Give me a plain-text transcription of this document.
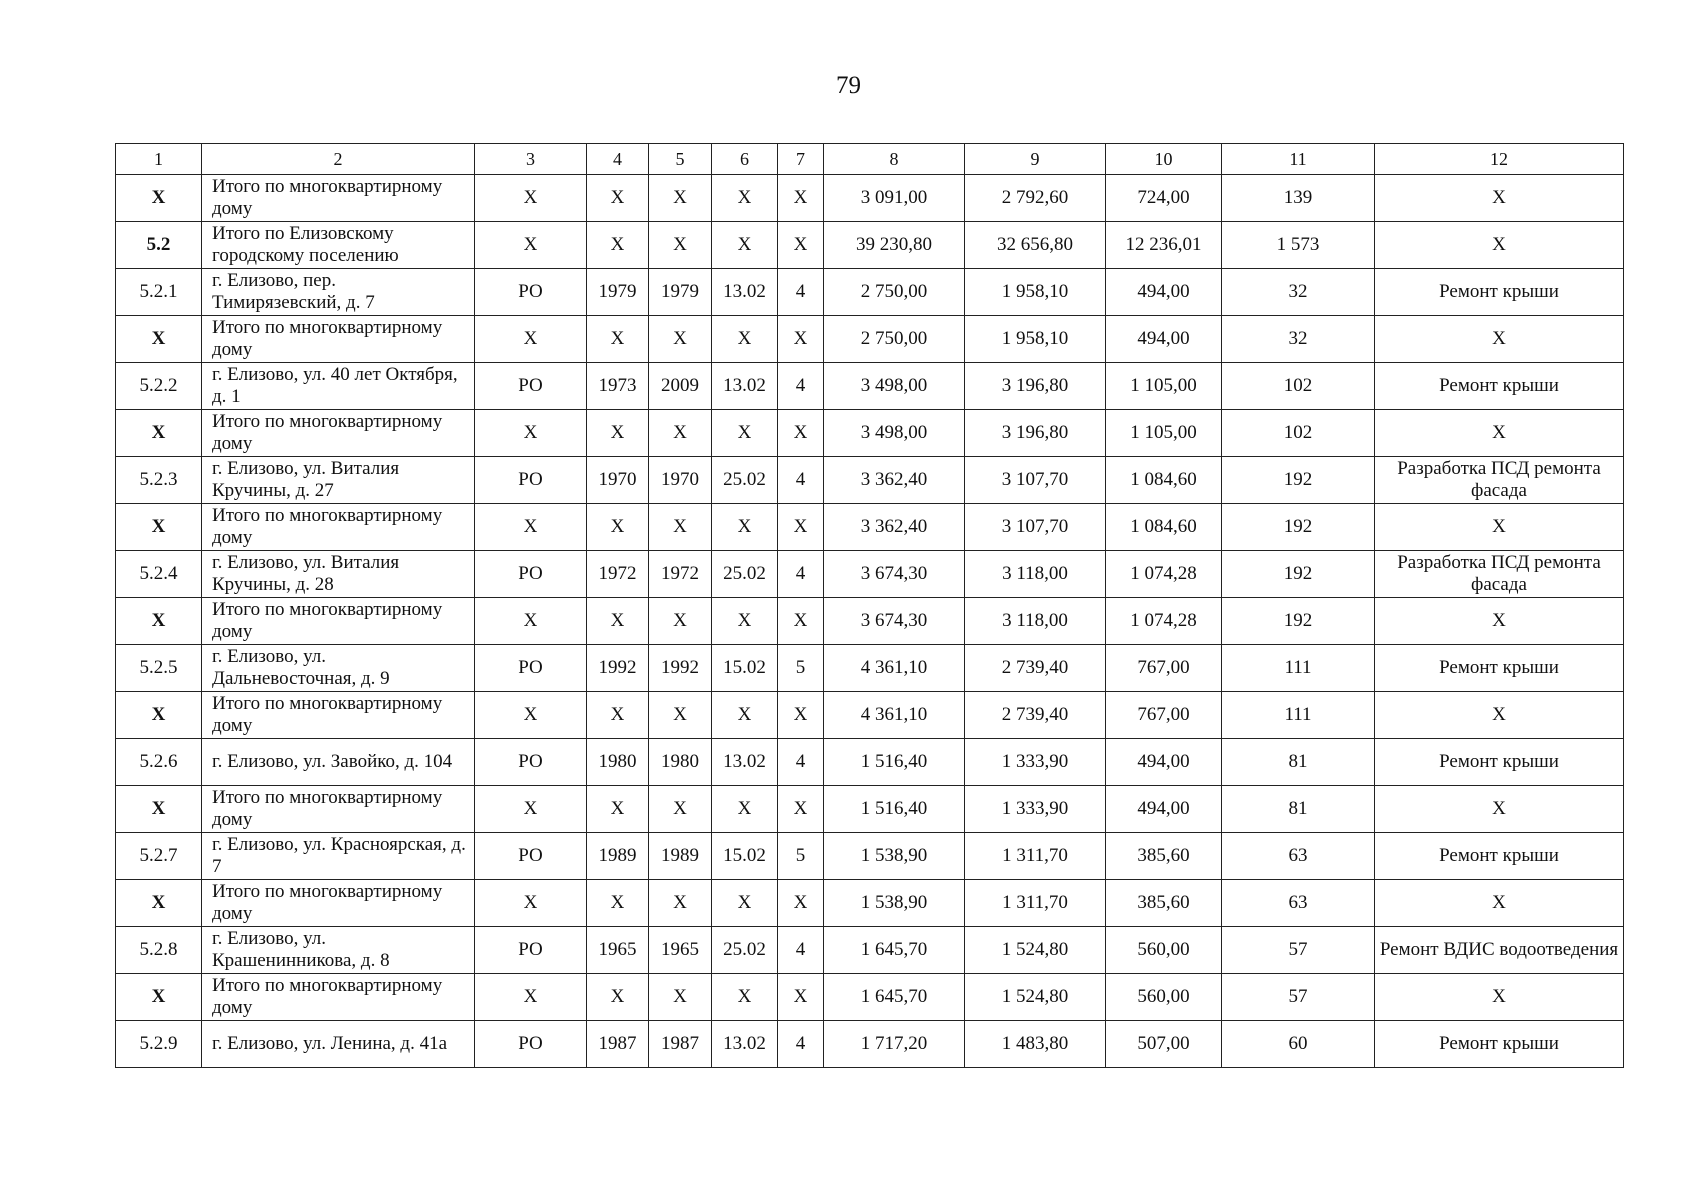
79
1	2	3	4	5	6	7	8	9	10	11	12
X	Итого по многоквартирному дому	X	X	X	X	X	3 091,00	2 792,60	724,00	139	X
5.2	Итого по Елизовскому городскому поселению	X	X	X	X	X	39 230,80	32 656,80	12 236,01	1 573	X
5.2.1	г. Елизово, пер. Тимирязевский, д. 7	РО	1979	1979	13.02	4	2 750,00	1 958,10	494,00	32	Ремонт крыши
X	Итого по многоквартирному дому	X	X	X	X	X	2 750,00	1 958,10	494,00	32	X
5.2.2	г. Елизово, ул. 40 лет Октября, д. 1	РО	1973	2009	13.02	4	3 498,00	3 196,80	1 105,00	102	Ремонт крыши
X	Итого по многоквартирному дому	X	X	X	X	X	3 498,00	3 196,80	1 105,00	102	X
5.2.3	г. Елизово, ул. Виталия Кручины, д. 27	РО	1970	1970	25.02	4	3 362,40	3 107,70	1 084,60	192	Разработка ПСД ремонта фасада
X	Итого по многоквартирному дому	X	X	X	X	X	3 362,40	3 107,70	1 084,60	192	X
5.2.4	г. Елизово, ул. Виталия Кручины, д. 28	РО	1972	1972	25.02	4	3 674,30	3 118,00	1 074,28	192	Разработка ПСД ремонта фасада
X	Итого по многоквартирному дому	X	X	X	X	X	3 674,30	3 118,00	1 074,28	192	X
5.2.5	г. Елизово, ул. Дальневосточная, д. 9	РО	1992	1992	15.02	5	4 361,10	2 739,40	767,00	111	Ремонт крыши
X	Итого по многоквартирному дому	X	X	X	X	X	4 361,10	2 739,40	767,00	111	X
5.2.6	г. Елизово, ул. Завойко, д. 104	РО	1980	1980	13.02	4	1 516,40	1 333,90	494,00	81	Ремонт крыши
X	Итого по многоквартирному дому	X	X	X	X	X	1 516,40	1 333,90	494,00	81	X
5.2.7	г. Елизово, ул. Красноярская, д. 7	РО	1989	1989	15.02	5	1 538,90	1 311,70	385,60	63	Ремонт крыши
X	Итого по многоквартирному дому	X	X	X	X	X	1 538,90	1 311,70	385,60	63	X
5.2.8	г. Елизово, ул. Крашенинникова, д. 8	РО	1965	1965	25.02	4	1 645,70	1 524,80	560,00	57	Ремонт ВДИС водоотведения
X	Итого по многоквартирному дому	X	X	X	X	X	1 645,70	1 524,80	560,00	57	X
5.2.9	г. Елизово, ул. Ленина, д. 41а	РО	1987	1987	13.02	4	1 717,20	1 483,80	507,00	60	Ремонт крыши
